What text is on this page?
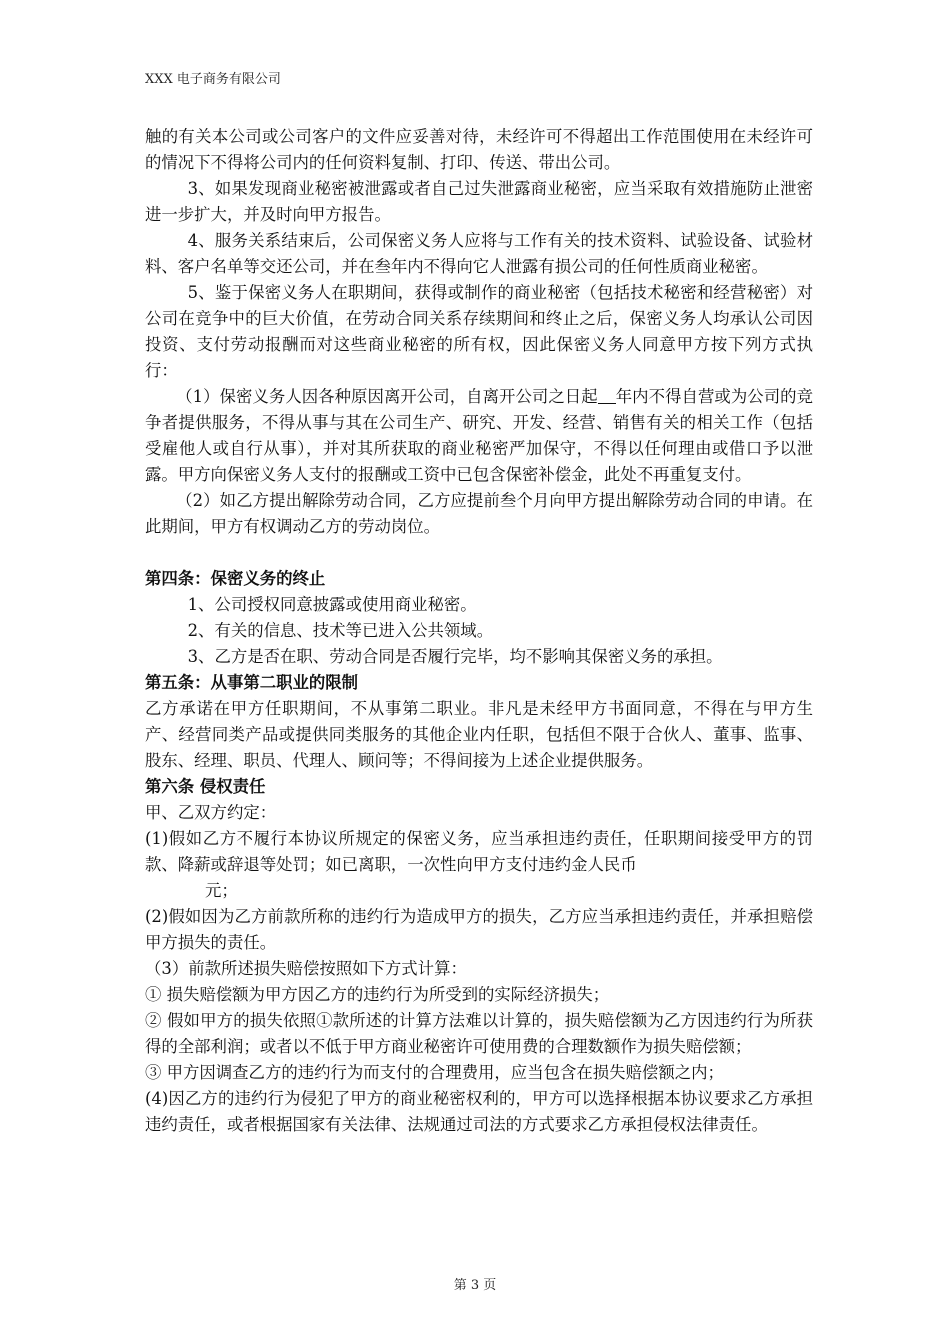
XXX 电子商务有限公司

触的有关本公司或公司客户的文件应妥善对待，未经许可不得超出工作范围使用在未经许可的情况下不得将公司内的任何资料复制、打印、传送、带出公司。

3、如果发现商业秘密被泄露或者自己过失泄露商业秘密，应当采取有效措施防止泄密进一步扩大，并及时向甲方报告。

4、服务关系结束后，公司保密义务人应将与工作有关的技术资料、试验设备、试验材料、客户名单等交还公司，并在叁年内不得向它人泄露有损公司的任何性质商业秘密。

5、鉴于保密义务人在职期间，获得或制作的商业秘密（包括技术秘密和经营秘密）对公司在竞争中的巨大价值，在劳动合同关系存续期间和终止之后，保密义务人均承认公司因投资、支付劳动报酬而对这些商业秘密的所有权，因此保密义务人同意甲方按下列方式执行：

（1）保密义务人因各种原因离开公司，自离开公司之日起 年内不得自营或为公司的竞争者提供服务，不得从事与其在公司生产、研究、开发、经营、销售有关的相关工作（包括受雇他人或自行从事），并对其所获取的商业秘密严加保守，不得以任何理由或借口予以泄露。甲方向保密义务人支付的报酬或工资中已包含保密补偿金，此处不再重复支付。

（2）如乙方提出解除劳动合同，乙方应提前叁个月向甲方提出解除劳动合同的申请。在此期间，甲方有权调动乙方的劳动岗位。

第四条：保密义务的终止

1、公司授权同意披露或使用商业秘密。

2、有关的信息、技术等已进入公共领域。

3、乙方是否在职、劳动合同是否履行完毕，均不影响其保密义务的承担。

第五条：从事第二职业的限制

乙方承诺在甲方任职期间，不从事第二职业。非凡是未经甲方书面同意，不得在与甲方生产、经营同类产品或提供同类服务的其他企业内任职，包括但不限于合伙人、董事、监事、股东、经理、职员、代理人、顾问等；不得间接为上述企业提供服务。

第六条 侵权责任

甲、乙双方约定：

(1)假如乙方不履行本协议所规定的保密义务，应当承担违约责任，任职期间接受甲方的罚款、降薪或辞退等处罚；如已离职，一次性向甲方支付违约金人民币

元；

(2)假如因为乙方前款所称的违约行为造成甲方的损失，乙方应当承担违约责任，并承担赔偿甲方损失的责任。

（3）前款所述损失赔偿按照如下方式计算：

① 损失赔偿额为甲方因乙方的违约行为所受到的实际经济损失；

② 假如甲方的损失依照①款所述的计算方法难以计算的，损失赔偿额为乙方因违约行为所获得的全部利润；或者以不低于甲方商业秘密许可使用费的合理数额作为损失赔偿额；

③ 甲方因调查乙方的违约行为而支付的合理费用，应当包含在损失赔偿额之内；

(4)因乙方的违约行为侵犯了甲方的商业秘密权利的，甲方可以选择根据本协议要求乙方承担违约责任，或者根据国家有关法律、法规通过司法的方式要求乙方承担侵权法律责任。

第 3 页
